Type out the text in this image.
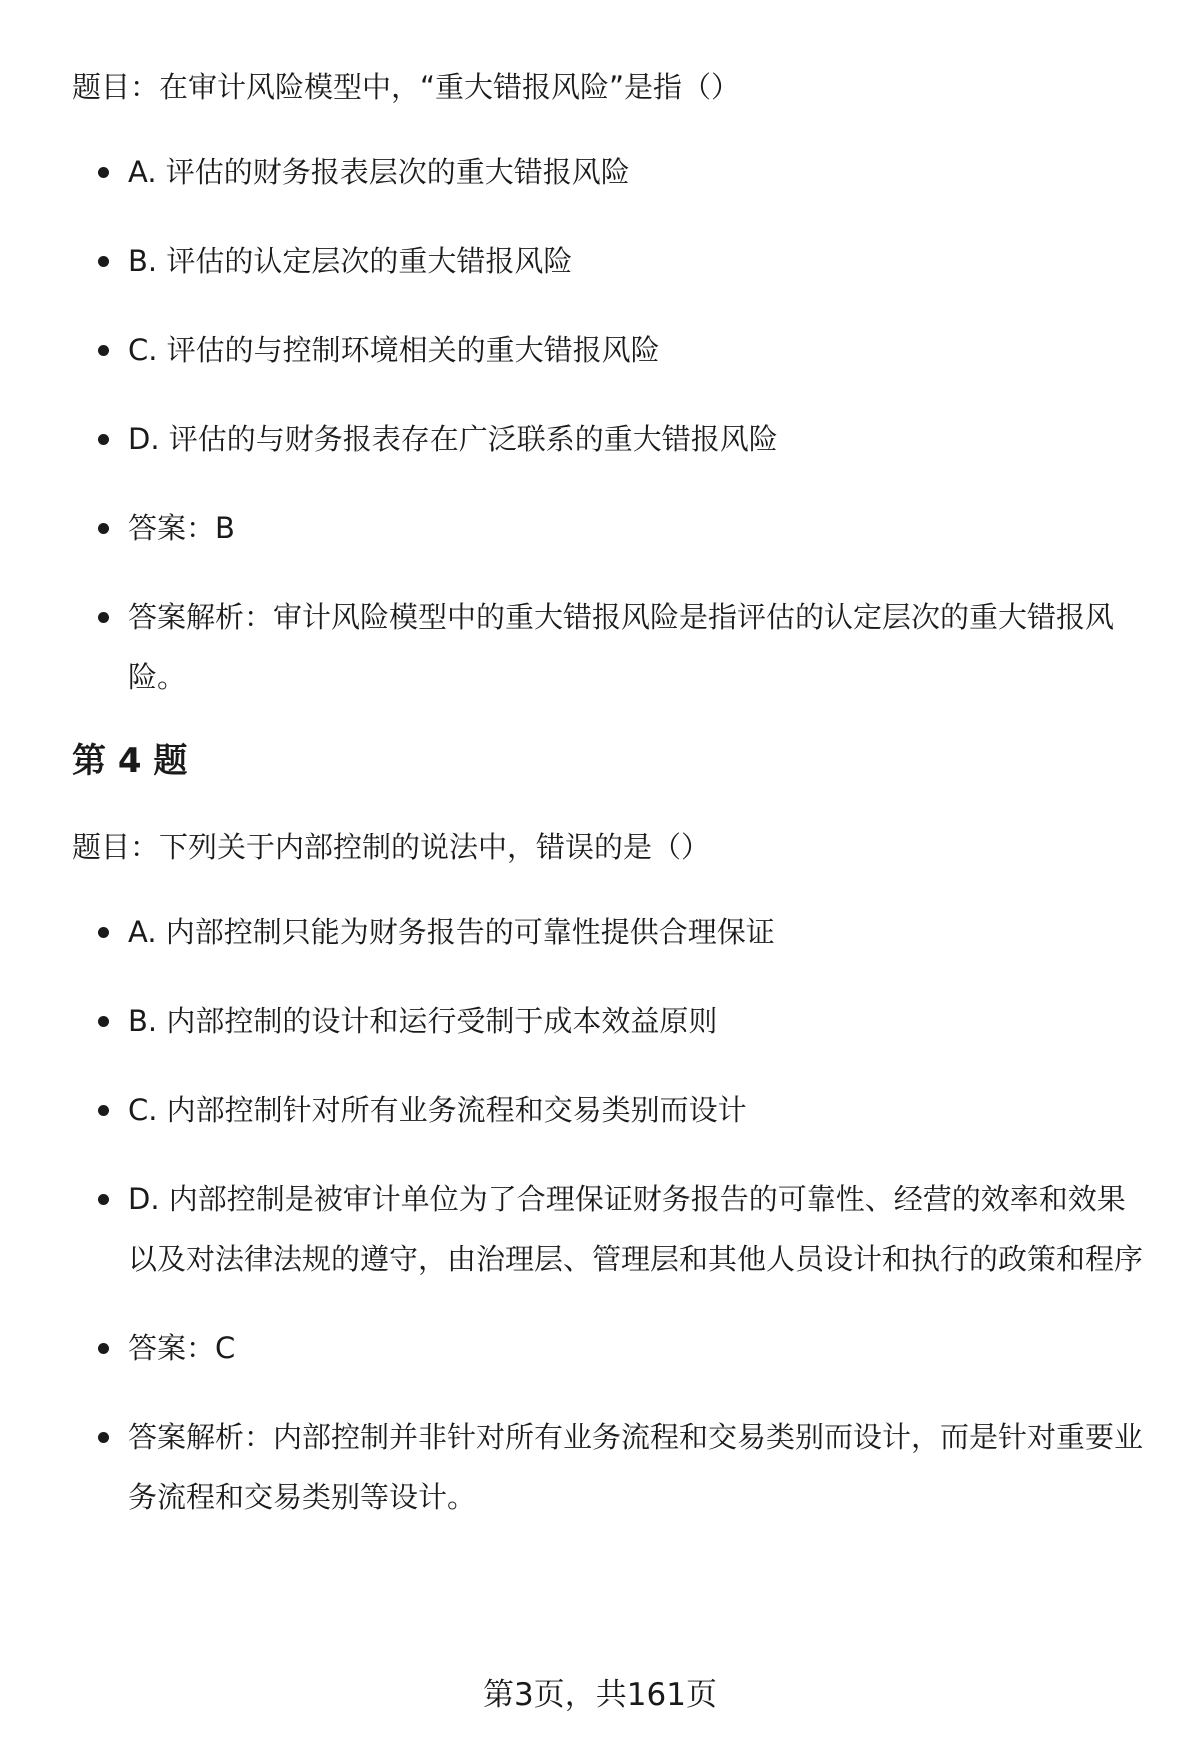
题目：在审计风险模型中，“重大错报风险”是指（）

A. 评估的财务报表层次的重大错报风险
B. 评估的认定层次的重大错报风险
C. 评估的与控制环境相关的重大错报风险
D. 评估的与财务报表存在广泛联系的重大错报风险
答案：B
答案解析：审计风险模型中的重大错报风险是指评估的认定层次的重大错报风险。
第 4 题

题目：下列关于内部控制的说法中，错误的是（）

A. 内部控制只能为财务报告的可靠性提供合理保证
B. 内部控制的设计和运行受制于成本效益原则
C. 内部控制针对所有业务流程和交易类别而设计
D. 内部控制是被审计单位为了合理保证财务报告的可靠性、经营的效率和效果以及对法律法规的遵守，由治理层、管理层和其他人员设计和执行的政策和程序
答案：C
答案解析：内部控制并非针对所有业务流程和交易类别而设计，而是针对重要业务流程和交易类别等设计。
第3页，共161页
